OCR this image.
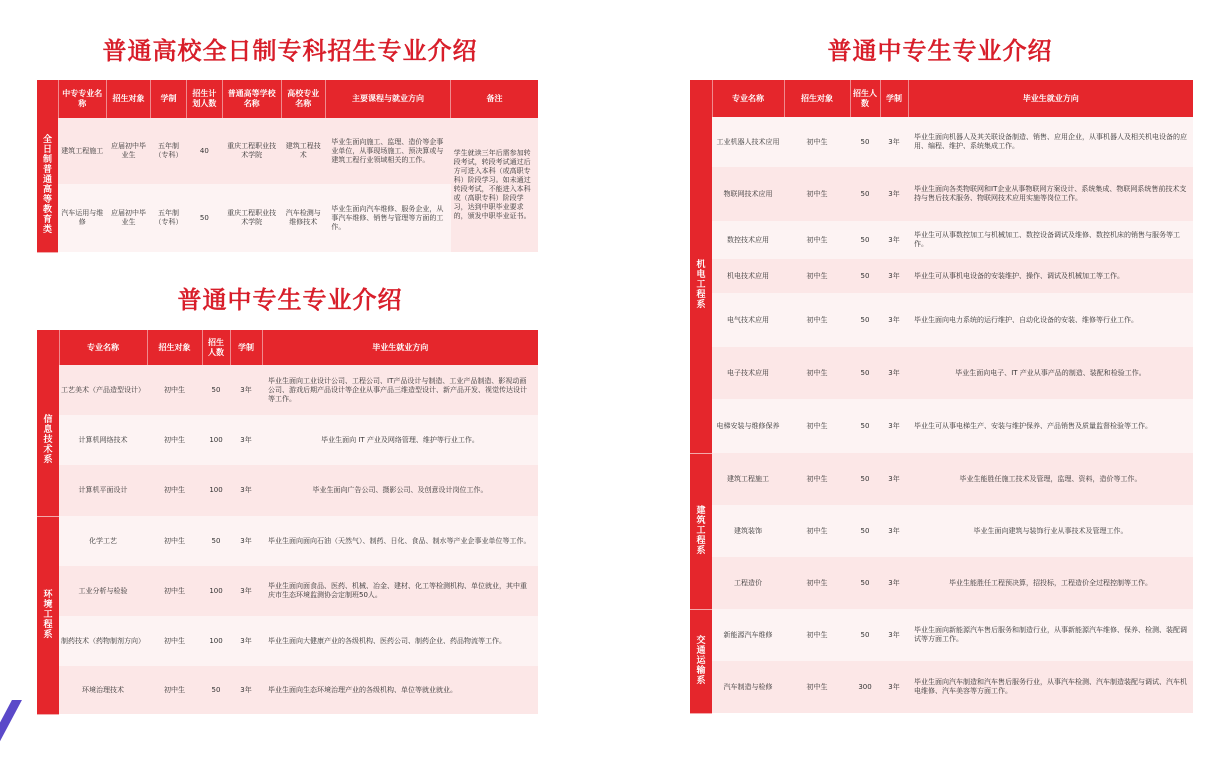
普通高校全日制专科招生专业介绍
	中专专业名称	招生对象	学制	招生计划人数	普通高等学校名称	高校专业名称	主要课程与就业方向	备注
全日制普通高等教育类	建筑工程施工	应届初中毕业生	五年制（专科）	40	重庆工程职业技术学院	建筑工程技术	毕业生面向施工、监理、造价等企事业单位，从事现场施工、预决算或与建筑工程行业领域相关的工作。	学生就读三年后需参加转段考试，转段考试通过后方可进入本科（或高职专科）阶段学习。如未通过转段考试，不能进入本科或（高职专科）阶段学习，达到中职毕业要求的，颁发中职毕业证书。
	汽车运用与维修	应届初中毕业生	五年制（专科）	50	重庆工程职业技术学院	汽车检测与维修技术	毕业生面向汽车维修、服务企业，从事汽车维修、销售与管理等方面的工作。	
普通中专生专业介绍
	专业名称	招生对象	招生人数	学制	毕业生就业方向
信息技术系	工艺美术（产品造型设计）	初中生	50	3年	毕业生面向工业设计公司、工程公司、IT产品设计与制造、工业产品制造、影视动画公司、游戏后期产品设计等企业从事产品三维造型设计、新产品开发、视觉传达设计等工作。
	计算机网络技术	初中生	100	3年	毕业生面向 IT 产业及网络管理、维护等行业工作。
	计算机平面设计	初中生	100	3年	毕业生面向广告公司、摄影公司、及创意设计岗位工作。
环境工程系	化学工艺	初中生	50	3年	毕业生面向面向石油（天然气）、制药、日化、食品、制水等产业企事业单位等工作。
	工业分析与检验	初中生	100	3年	毕业生面向面食品、医药、机械、冶金、建材、化工等检测机构、单位就业，其中重庆市生态环境监测协会定制班50人。
	制药技术（药物制剂方向）	初中生	100	3年	毕业生面向大健康产业的各级机构、医药公司、制药企业、药品物流等工作。
	环境治理技术	初中生	50	3年	毕业生面向生态环境治理产业的各级机构、单位等就业就业。
普通中专生专业介绍
	专业名称	招生对象	招生人数	学制	毕业生就业方向
机电工程系	工业机器人技术应用	初中生	50	3年	毕业生面向机器人及其关联设备制造、销售、应用企业，从事机器人及相关机电设备的应用、编程、维护、系统集成工作。
	物联网技术应用	初中生	50	3年	毕业生面向各类物联网和IT企业从事物联网方案设计、系统集成、物联网系统售前技术支持与售后技术服务、物联网技术应用实施等岗位工作。
	数控技术应用	初中生	50	3年	毕业生可从事数控加工与机械加工、数控设备调试及维修、数控机床的销售与服务等工作。
	机电技术应用	初中生	50	3年	毕业生可从事机电设备的安装维护、操作、调试及机械加工等工作。
	电气技术应用	初中生	50	3年	毕业生面向电力系统的运行维护、自动化设备的安装、维修等行业工作。
	电子技术应用	初中生	50	3年	毕业生面向电子、IT 产业从事产品的制造、装配和检验工作。
	电梯安装与维修保养	初中生	50	3年	毕业生可从事电梯生产、安装与维护保养、产品销售及质量监督检验等工作。
建筑工程系	建筑工程施工	初中生	50	3年	毕业生能胜任施工技术及管理，监理、资料，造价等工作。
	建筑装饰	初中生	50	3年	毕业生面向建筑与装饰行业从事技术及管理工作。
	工程造价	初中生	50	3年	毕业生能胜任工程预决算，招投标，工程造价全过程控制等工作。
交通运输系	新能源汽车维修	初中生	50	3年	毕业生面向新能源汽车售后服务和制造行业，从事新能源汽车维修、保养、检测、装配调试等方面工作。
	汽车制造与检修	初中生	300	3年	毕业生面向汽车制造和汽车售后服务行业，从事汽车检测、汽车制造装配与调试、汽车机电维修、汽车美容等方面工作。
